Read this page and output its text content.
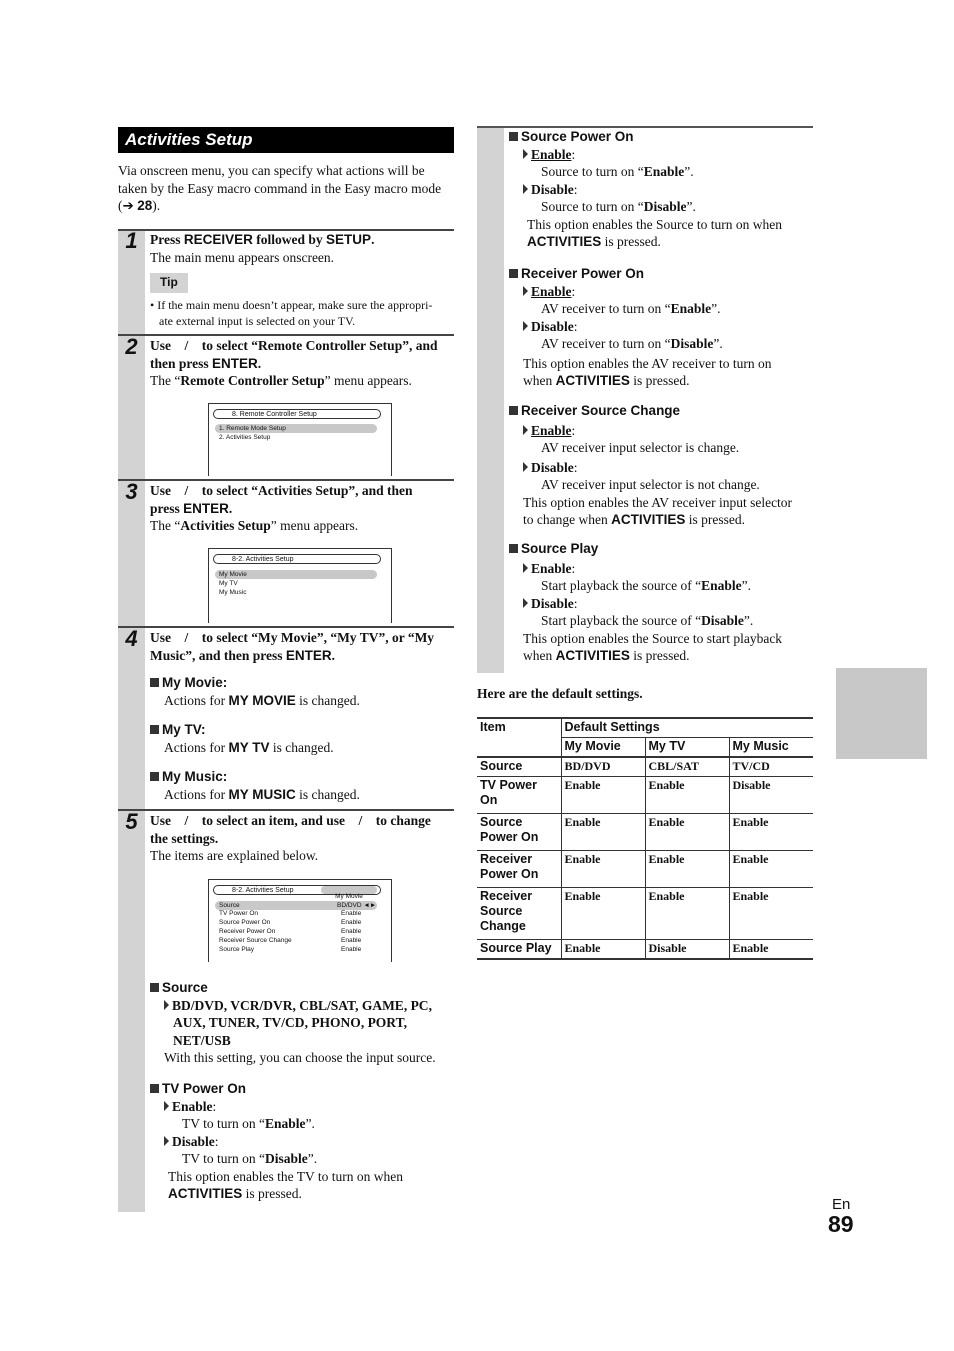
Activities Setup
Via onscreen menu, you can specify what actions will be taken by the Easy macro command in the Easy macro mode (➔ 28).
1 Press RECEIVER followed by SETUP.
The main menu appears onscreen.
Tip
• If the main menu doesn’t appear, make sure the appropri-
ate external input is selected on your TV.
2 Use    /    to select “Remote Controller Setup”, and
then press ENTER.
The “Remote Controller Setup” menu appears.
8. Remote Controller Setup
1. Remote Mode Setup
2. Activities Setup
3 Use    /    to select “Activities Setup”, and then
press ENTER.
The “Activities Setup” menu appears.
8-2. Activities Setup
My Movie
My TV
My Music
4 Use    /    to select “My Movie”, “My TV”, or “My
Music”, and then press ENTER.
My Movie:
Actions for MY MOVIE is changed.
My TV:
Actions for MY TV is changed.
My Music:
Actions for MY MUSIC is changed.
5 Use    /    to select an item, and use    /    to change
the settings.
The items are explained below.
8-2. Activities Setup
My Movie
Source
TV Power On
Source Power On
Receiver Power On
Receiver Source Change
Source Play
BD/DVD ◄►
Enable
Enable
Enable
Enable
Enable
Source
BD/DVD, VCR/DVR, CBL/SAT, GAME, PC,
AUX, TUNER, TV/CD, PHONO, PORT,
NET/USB
With this setting, you can choose the input source.
TV Power On
Enable:
TV to turn on “Enable”.
Disable:
TV to turn on “Disable”.
This option enables the TV to turn on when
ACTIVITIES is pressed.
Source Power On
Enable:
Source to turn on “Enable”.
Disable:
Source to turn on “Disable”.
This option enables the Source to turn on when
ACTIVITIES is pressed.
Receiver Power On
Enable:
AV receiver to turn on “Enable”.
Disable:
AV receiver to turn on “Disable”.
This option enables the AV receiver to turn on
when ACTIVITIES is pressed.
Receiver Source Change
Enable:
AV receiver input selector is change.
Disable:
AV receiver input selector is not change.
This option enables the AV receiver input selector
to change when ACTIVITIES is pressed.
Source Play
Enable:
Start playback the source of “Enable”.
Disable:
Start playback the source of “Disable”.
This option enables the Source to start playback
when ACTIVITIES is pressed.
Here are the default settings.
Item	Default Settings		
	My Movie	My TV	My Music
Source	BD/DVD	CBL/SAT	TV/CD
TV Power On	Enable	Enable	Disable
Source Power On	Enable	Enable	Enable
Receiver Power On	Enable	Enable	Enable
Receiver Source Change	Enable	Enable	Enable
Source Play	Enable	Disable	Enable
En
89
